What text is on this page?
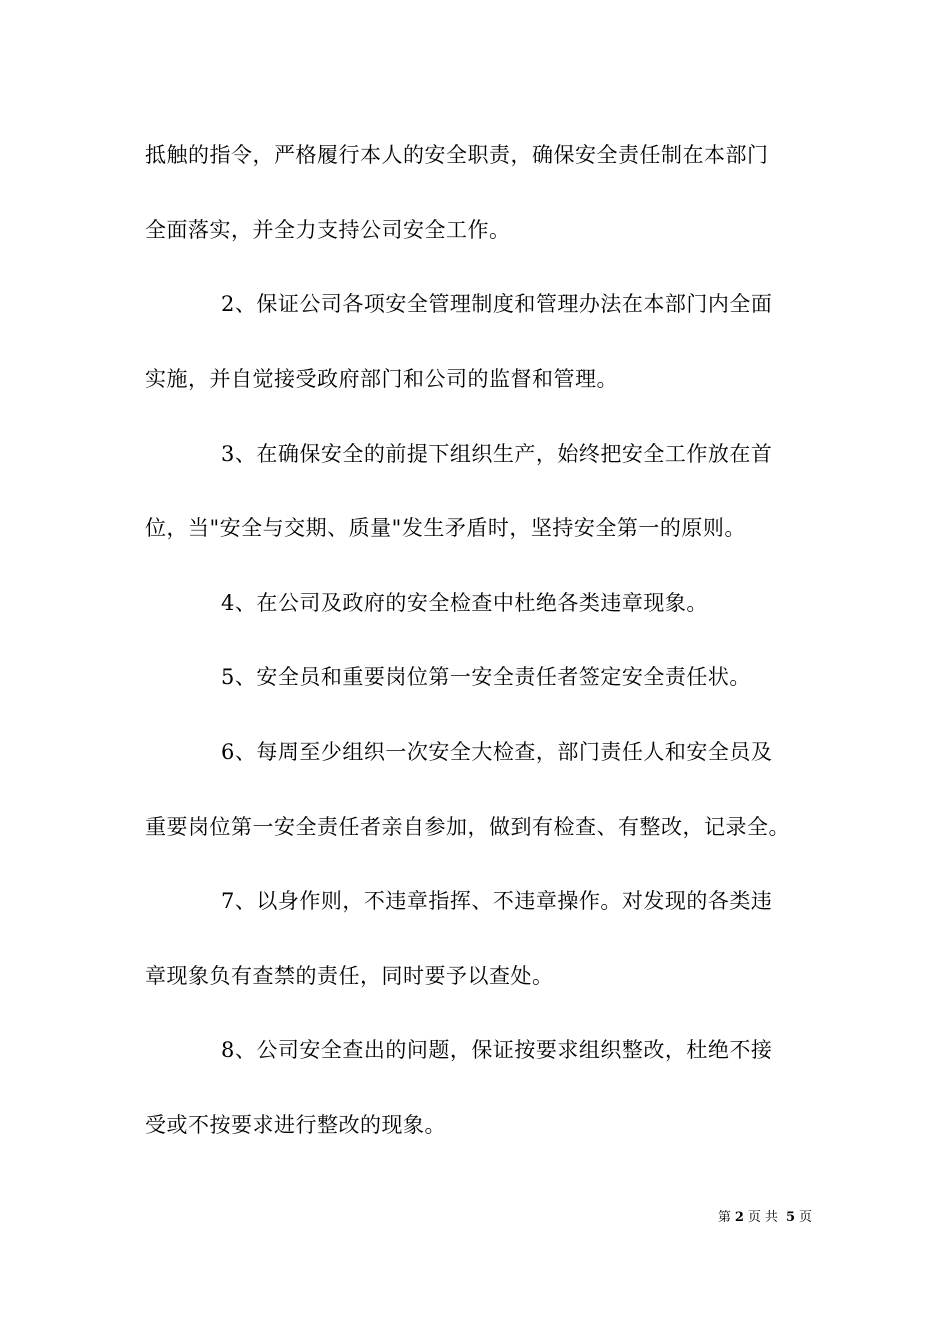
抵触的指令，严格履行本人的安全职责，确保安全责任制在本部门
全面落实，并全力支持公司安全工作。
2、保证公司各项安全管理制度和管理办法在本部门内全面
实施，并自觉接受政府部门和公司的监督和管理。
3、在确保安全的前提下组织生产，始终把安全工作放在首
位，当"安全与交期、质量"发生矛盾时，坚持安全第一的原则。
4、在公司及政府的安全检查中杜绝各类违章现象。
5、安全员和重要岗位第一安全责任者签定安全责任状。
6、每周至少组织一次安全大检查，部门责任人和安全员及
重要岗位第一安全责任者亲自参加，做到有检查、有整改，记录全。
7、以身作则，不违章指挥、不违章操作。对发现的各类违
章现象负有查禁的责任，同时要予以查处。
8、公司安全查出的问题，保证按要求组织整改，杜绝不接
受或不按要求进行整改的现象。
第 2 页 共 5 页
